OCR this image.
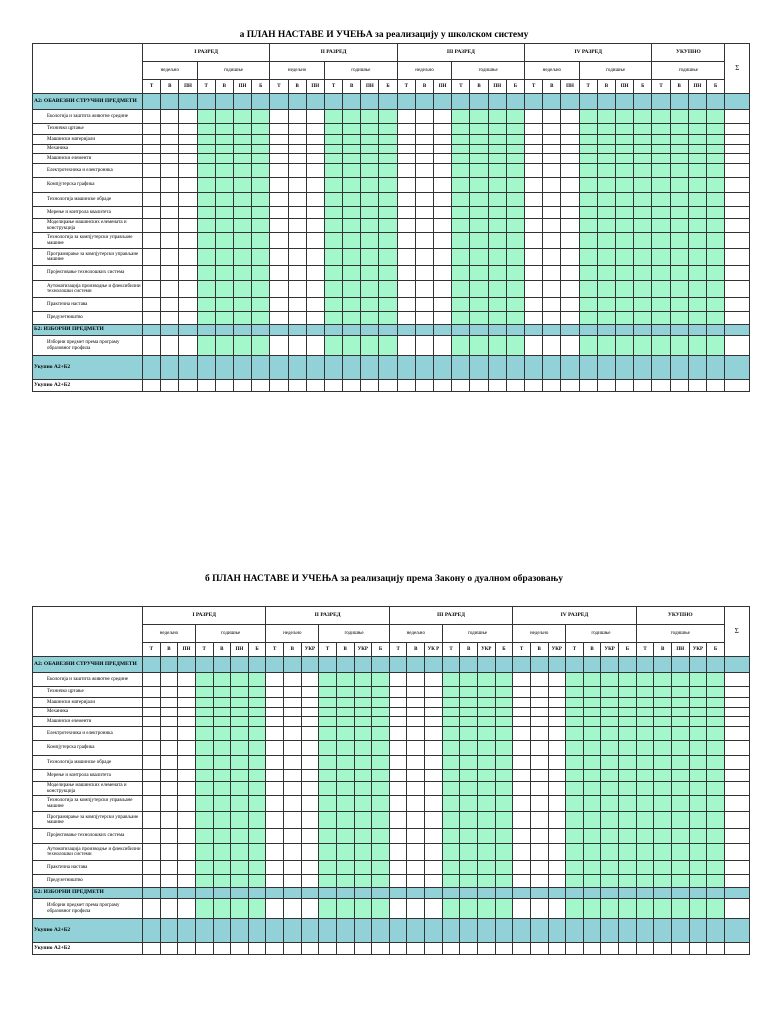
а ПЛАН НАСТАВЕ И УЧЕЊА за реализацију у школском систему
	I РАЗРЕД							II РАЗРЕД							III РАЗРЕД							IV РАЗРЕД							УКУПНО				Σ
	недељно			годишње				недељно			годишње				недељно			годишње				недељно			годишње				годишње				
	Т	В	ПН	Т	В	ПН	Б	Т	В	ПН	Т	В	ПН	Б	Т	В	ПН	Т	В	ПН	Б	Т	В	ПН	Т	В	ПН	Б	Т	В	ПН	Б	
А2: ОБАВЕЗНИ СТРУЧНИ ПРЕДМЕТИ																																	
Екологија и заштита животне средине																																	
Техничко цртање																																	
Машински материјали																																	
Механика																																	
Машински елементи																																	
Електротехника и електроника																																	
Компјутерска графика																																	
Технологија машинске обраде																																	
Мерење и контрола квалитета																																	
Моделирање машинских елемената и конструкција																																	
Технологија за компјутерски управљане машине																																	
Програмирање за компјутерски управљане машине																																	
Пројектовање технолошких система																																	
Аутоматизација производње и флексибилни технолошки системи																																	
Практична настава																																	
Предузетништво																																	
Б2: ИЗБОРНИ ПРЕДМЕТИ																																	
Изборни предмет према програму образовног профила																																	
Укупно А2+Б2																																	
Укупно А2+Б2																																	
б ПЛАН НАСТАВЕ И УЧЕЊА за реализацију према Закону о дуалном образовању
	I РАЗРЕД							II РАЗРЕД							III РАЗРЕД							IV РАЗРЕД							УКУПНО					Σ
	недељно			годишње				недељно			годишње				недељно			годишње				недељно			годишње				годишње					
	Т	В	ПН	Т	В	ПН	Б	Т	В	УКР	Т	В	УКР	Б	Т	В	УК Р	Т	В	УКР	Б	Т	В	УКР	Т	В	УКР	Б	Т	В	ПН	УКР	Б	
А2: ОБАВЕЗНИ СТРУЧНИ ПРЕДМЕТИ																																		
Екологија и заштита животне средине																																		
Техничко цртање																																		
Машински материјали																																		
Механика																																		
Машински елементи																																		
Електротехника и електроника																																		
Компјутерска графика																																		
Технологија машинске обраде																																		
Мерење и контрола квалитета																																		
Моделирање машинских елемената и конструкција																																		
Технологија за компјутерски управљане машине																																		
Програмирање за компјутерски управљане машине																																		
Пројектовање технолошких система																																		
Аутоматизација производње и флексибилни технолошки системи																																		
Практична настава																																		
Предузетништво																																		
Б2: ИЗБОРНИ ПРЕДМЕТИ																																		
Изборни предмет према програму образовног профила																																		
Укупно А2+Б2																																		
Укупно А2+Б2																																		
